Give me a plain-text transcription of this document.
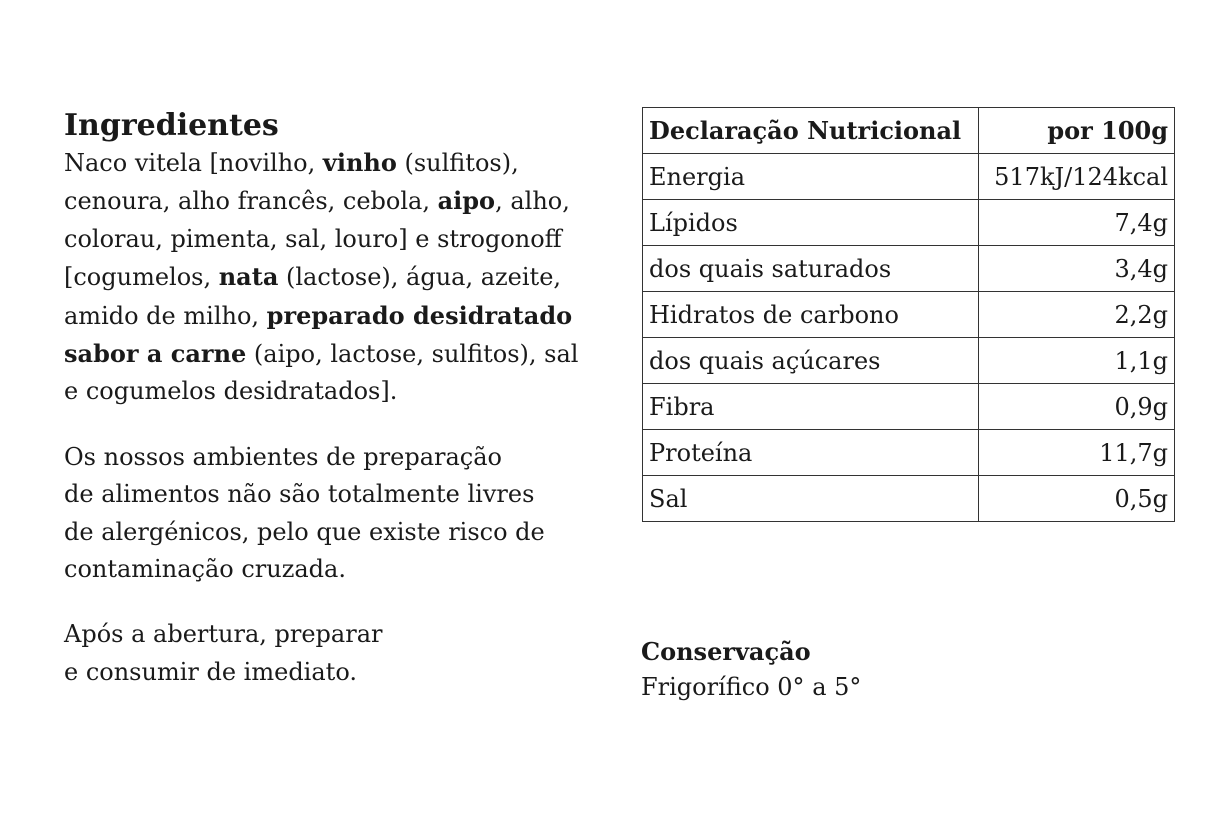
Ingredientes

Naco vitela [novilho, vinho (sulfitos),
cenoura, alho francês, cebola, aipo, alho,
colorau, pimenta, sal, louro] e strogonoff
[cogumelos, nata (lactose), água, azeite,
amido de milho, preparado desidratado
sabor a carne (aipo, lactose, sulfitos), sal
e cogumelos desidratados].

Os nossos ambientes de preparação
de alimentos não são totalmente livres
de alergénicos, pelo que existe risco de
contaminação cruzada.

Após a abertura, preparar
e consumir de imediato.

Declaração Nutricional	por 100g
Energia	517kJ/124kcal
Lípidos	7,4g
dos quais saturados	3,4g
Hidratos de carbono	2,2g
dos quais açúcares	1,1g
Fibra	0,9g
Proteína	11,7g
Sal	0,5g

Conservação

Frigorífico 0° a 5°
